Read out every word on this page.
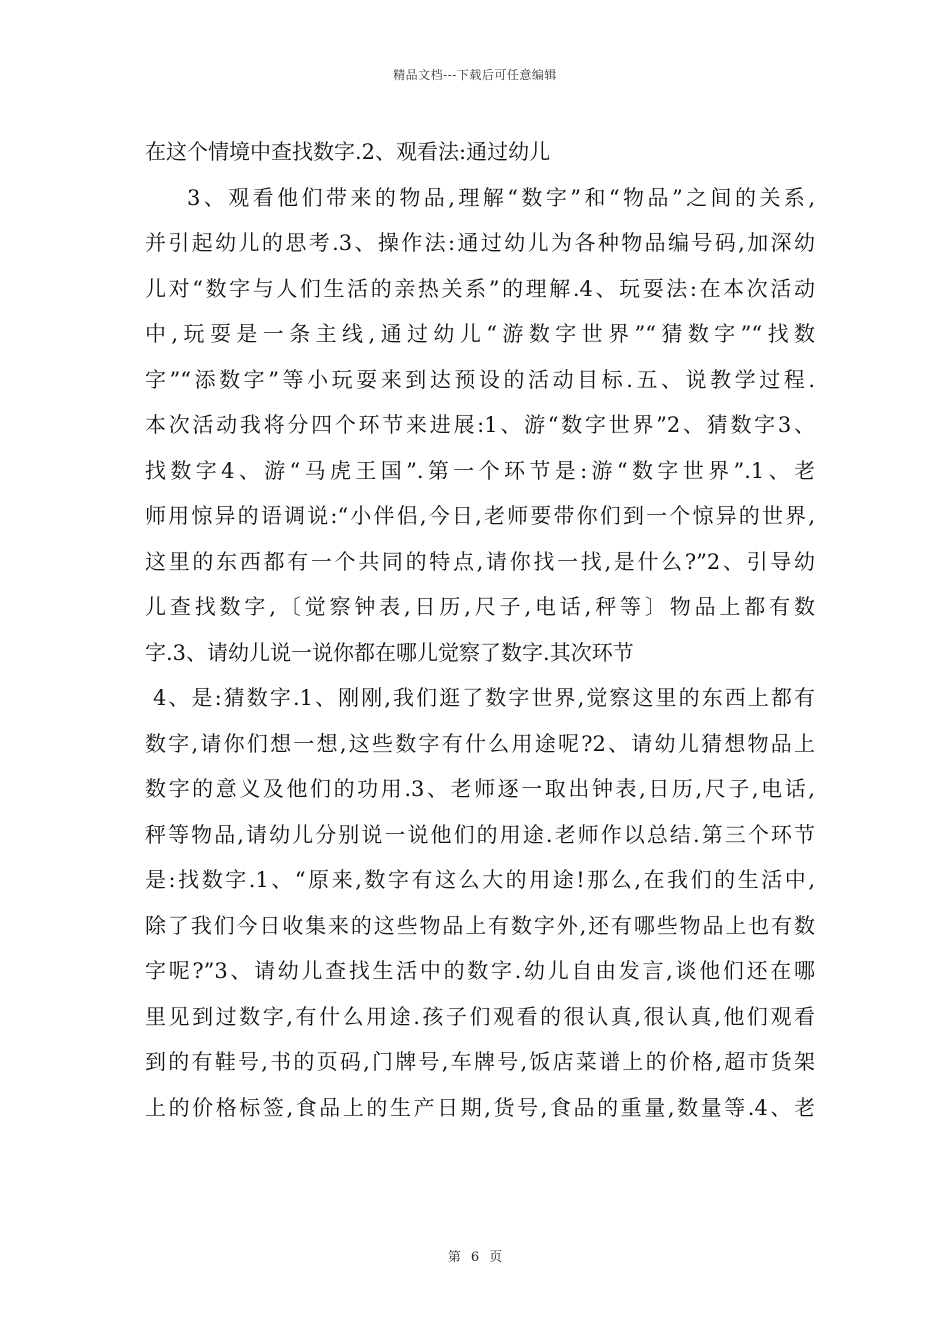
精品文档---下载后可任意编辑
在这个情境中查找数字.2、观看法:通过幼儿
3、观看他们带来的物品,理解“数字”和“物品”之间的关系,
并引起幼儿的思考.3、操作法:通过幼儿为各种物品编号码,加深幼
儿对“数字与人们生活的亲热关系”的理解.4、玩耍法:在本次活动
中,玩耍是一条主线,通过幼儿“游数字世界”“猜数字”“找数
字”“添数字”等小玩耍来到达预设的活动目标.五、说教学过程.
本次活动我将分四个环节来进展:1、游“数字世界”2、猜数字3、
找数字4、游“马虎王国”.第一个环节是:游“数字世界”.1、老
师用惊异的语调说:“小伴侣,今日,老师要带你们到一个惊异的世界,
这里的东西都有一个共同的特点,请你找一找,是什么?”2、引导幼
儿查找数字,〔觉察钟表,日历,尺子,电话,秤等〕物品上都有数
字.3、请幼儿说一说你都在哪儿觉察了数字.其次环节
4、是:猜数字.1、刚刚,我们逛了数字世界,觉察这里的东西上都有
数字,请你们想一想,这些数字有什么用途呢?2、请幼儿猜想物品上
数字的意义及他们的功用.3、老师逐一取出钟表,日历,尺子,电话,
秤等物品,请幼儿分别说一说他们的用途.老师作以总结.第三个环节
是:找数字.1、“原来,数字有这么大的用途!那么,在我们的生活中,
除了我们今日收集来的这些物品上有数字外,还有哪些物品上也有数
字呢?”3、请幼儿查找生活中的数字.幼儿自由发言,谈他们还在哪
里见到过数字,有什么用途.孩子们观看的很认真,很认真,他们观看
到的有鞋号,书的页码,门牌号,车牌号,饭店菜谱上的价格,超市货架
上的价格标签,食品上的生产日期,货号,食品的重量,数量等.4、老
第 6 页
